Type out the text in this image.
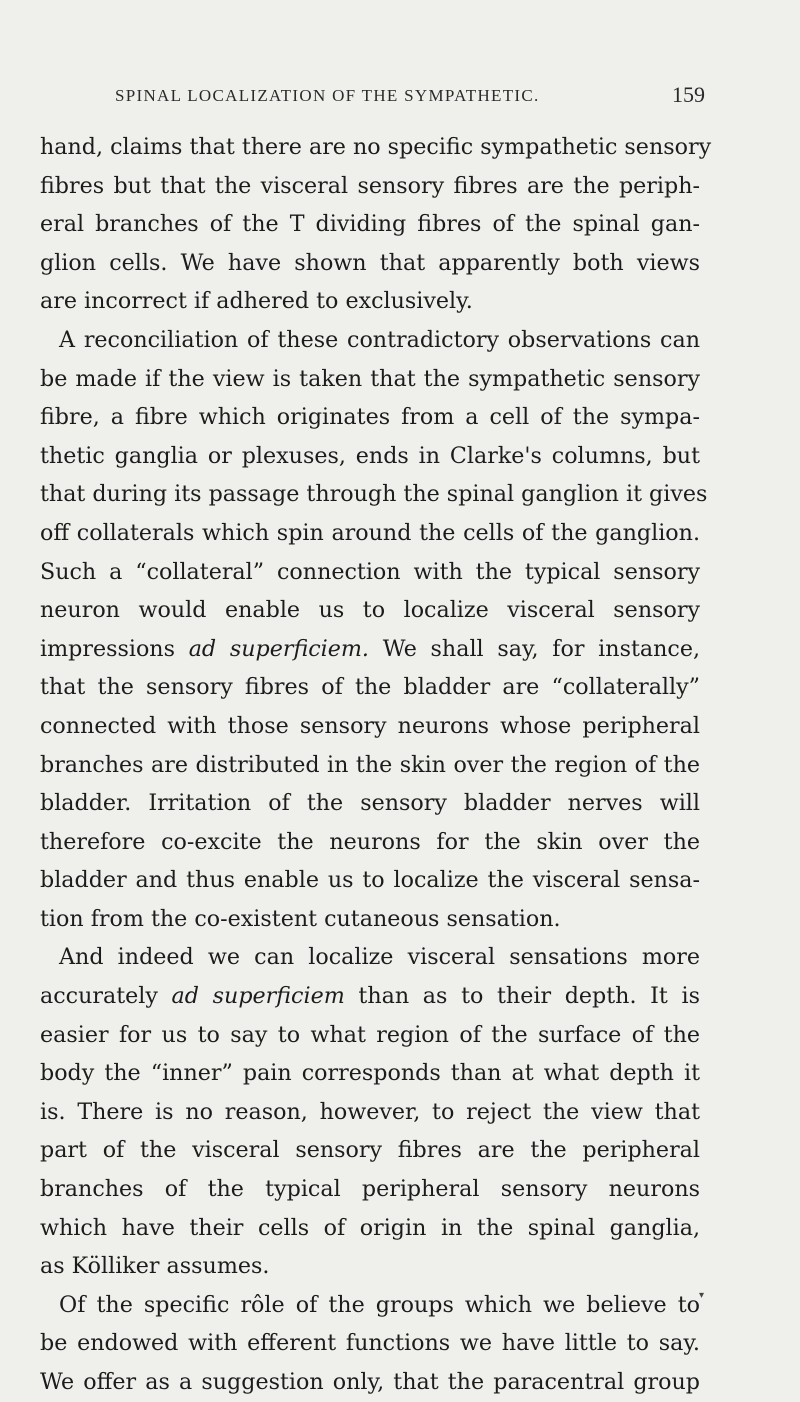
SPINAL LOCALIZATION OF THE SYMPATHETIC.	159
hand, claims that there are no specific sympathetic sensory
fibres but that the visceral sensory fibres are the periph-
eral branches of the T dividing fibres of the spinal gan-
glion cells. We have shown that apparently both views
are incorrect if adhered to exclusively.
A reconciliation of these contradictory observations can
be made if the view is taken that the sympathetic sensory
fibre, a fibre which originates from a cell of the sympa-
thetic ganglia or plexuses, ends in Clarke's columns, but
that during its passage through the spinal ganglion it gives
off collaterals which spin around the cells of the ganglion.
Such a “collateral” connection with the typical sensory
neuron would enable us to localize visceral sensory
impressions ad superficiem. We shall say, for instance,
that the sensory fibres of the bladder are “collaterally”
connected with those sensory neurons whose peripheral
branches are distributed in the skin over the region of the
bladder. Irritation of the sensory bladder nerves will
therefore co-excite the neurons for the skin over the
bladder and thus enable us to localize the visceral sensa-
tion from the co-existent cutaneous sensation.
And indeed we can localize visceral sensations more
accurately ad superficiem than as to their depth. It is
easier for us to say to what region of the surface of the
body the “inner” pain corresponds than at what depth it
is. There is no reason, however, to reject the view that
part of the visceral sensory fibres are the peripheral
branches of the typical peripheral sensory neurons
which have their cells of origin in the spinal ganglia,
as Kölliker assumes.
Of the specific rôle of the groups which we believe to
be endowed with efferent functions we have little to say.
We offer as a suggestion only, that the paracentral group
▾
